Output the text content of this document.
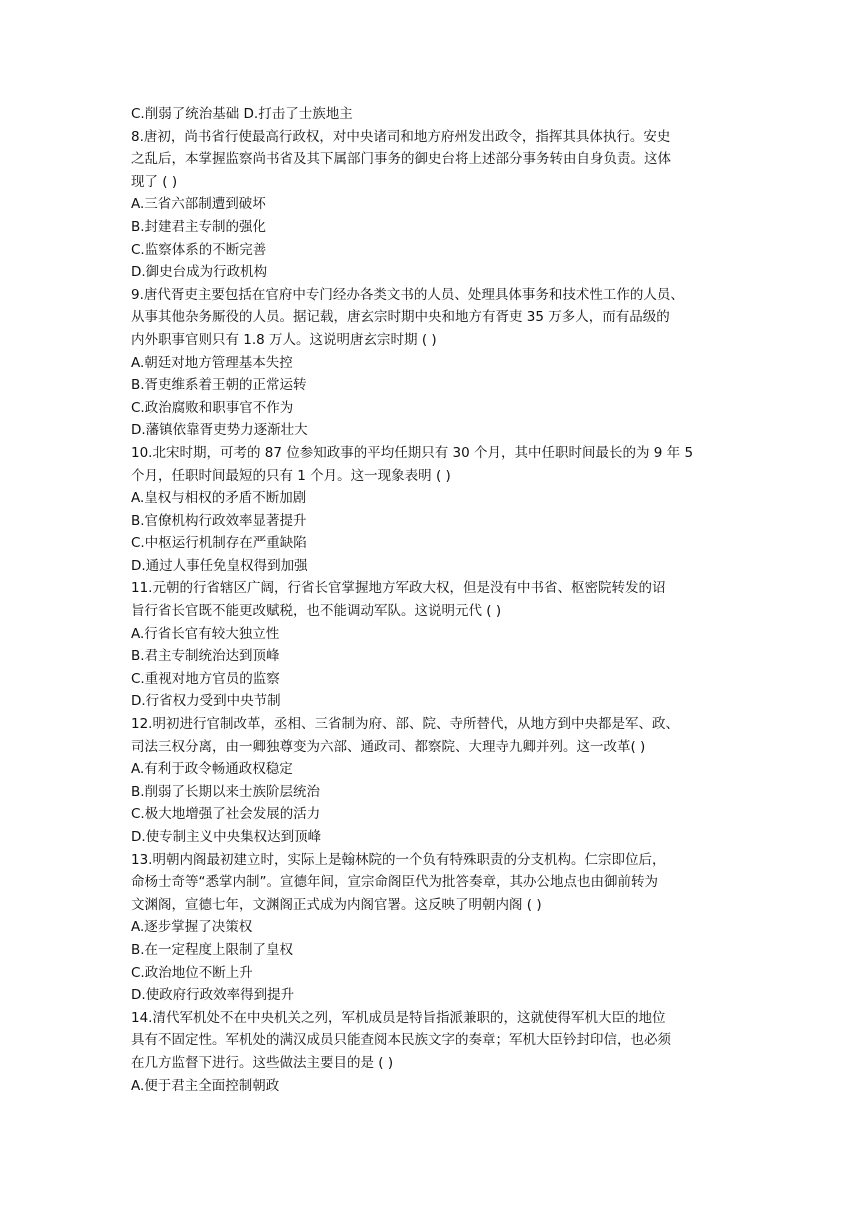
C.削弱了统治基础 D.打击了士族地主
8.唐初，尚书省行使最高行政权，对中央诸司和地方府州发出政令，指挥其具体执行。安史
之乱后，本掌握监察尚书省及其下属部门事务的御史台将上述部分事务转由自身负责。这体
现了 ( )
A.三省六部制遭到破坏
B.封建君主专制的强化
C.监察体系的不断完善
D.御史台成为行政机构
9.唐代胥吏主要包括在官府中专门经办各类文书的人员、处理具体事务和技术性工作的人员、
从事其他杂务厮役的人员。据记载，唐玄宗时期中央和地方有胥吏 35 万多人，而有品级的
内外职事官则只有 1.8 万人。这说明唐玄宗时期 ( )
A.朝廷对地方管理基本失控
B.胥吏维系着王朝的正常运转
C.政治腐败和职事官不作为
D.藩镇依靠胥吏势力逐渐壮大
10.北宋时期，可考的 87 位参知政事的平均任期只有 30 个月，其中任职时间最长的为 9 年 5
个月，任职时间最短的只有 1 个月。这一现象表明 ( )
A.皇权与相权的矛盾不断加剧
B.官僚机构行政效率显著提升
C.中枢运行机制存在严重缺陷
D.通过人事任免皇权得到加强
11.元朝的行省辖区广阔，行省长官掌握地方军政大权，但是没有中书省、枢密院转发的诏
旨行省长官既不能更改赋税，也不能调动军队。这说明元代 ( )
A.行省长官有较大独立性
B.君主专制统治达到顶峰
C.重视对地方官员的监察
D.行省权力受到中央节制
12.明初进行官制改革，丞相、三省制为府、部、院、寺所替代，从地方到中央都是军、政、
司法三权分离，由一卿独尊变为六部、通政司、都察院、大理寺九卿并列。这一改革( )
A.有利于政令畅通政权稳定
B.削弱了长期以来士族阶层统治
C.极大地增强了社会发展的活力
D.使专制主义中央集权达到顶峰
13.明朝内阁最初建立时，实际上是翰林院的一个负有特殊职责的分支机构。仁宗即位后，
命杨士奇等“悉掌内制”。宣德年间，宣宗命阁臣代为批答奏章，其办公地点也由御前转为
文渊阁，宣德七年，文渊阁正式成为内阁官署。这反映了明朝内阁 ( )
A.逐步掌握了决策权
B.在一定程度上限制了皇权
C.政治地位不断上升
D.使政府行政效率得到提升
14.清代军机处不在中央机关之列，军机成员是特旨指派兼职的，这就使得军机大臣的地位
具有不固定性。军机处的满汉成员只能查阅本民族文字的奏章；军机大臣钤封印信，也必须
在几方监督下进行。这些做法主要目的是 ( )
A.便于君主全面控制朝政
